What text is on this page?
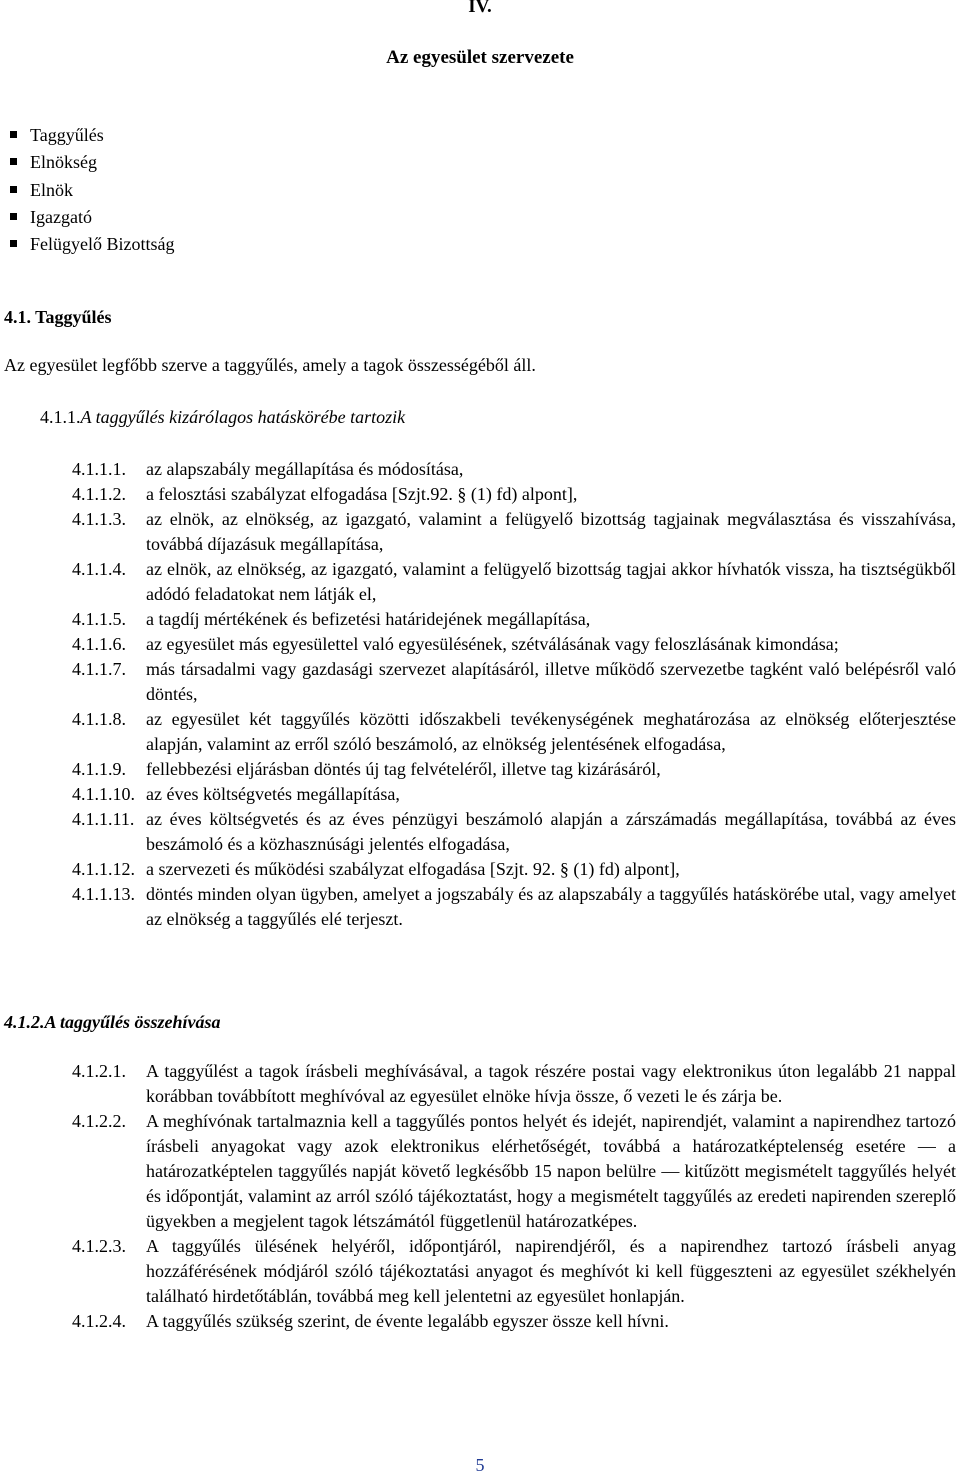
IV.
Az egyesület szervezete
Taggyűlés
Elnökség
Elnök
Igazgató
Felügyelő Bizottság
4.1. Taggyűlés
Az egyesület legfőbb szerve a taggyűlés, amely a tagok összességéből áll.
4.1.1.A taggyűlés kizárólagos hatáskörébe tartozik
4.1.1.1. az alapszabály megállapítása és módosítása,
4.1.1.2. a felosztási szabályzat elfogadása [Szjt.92. § (1) fd) alpont],
4.1.1.3. az elnök, az elnökség, az igazgató, valamint a felügyelő bizottság tagjainak megválasztása és visszahívása, továbbá díjazásuk megállapítása,
4.1.1.4. az elnök, az elnökség, az igazgató, valamint a felügyelő bizottság tagjai akkor hívhatók vissza, ha tisztségükből adódó feladatokat nem látják el,
4.1.1.5. a tagdíj mértékének és befizetési határidejének megállapítása,
4.1.1.6. az egyesület más egyesülettel való egyesülésének, szétválásának vagy feloszlásának kimondása;
4.1.1.7. más társadalmi vagy gazdasági szervezet alapításáról, illetve működő szervezetbe tagként való belépésről való döntés,
4.1.1.8. az egyesület két taggyűlés közötti időszakbeli tevékenységének meghatározása az elnökség előterjesztése alapján, valamint az erről szóló beszámoló, az elnökség jelentésének elfogadása,
4.1.1.9. fellebbezési eljárásban döntés új tag felvételéről, illetve tag kizárásáról,
4.1.1.10. az éves költségvetés megállapítása,
4.1.1.11. az éves költségvetés és az éves pénzügyi beszámoló alapján a zárszámadás megállapítása, továbbá az éves beszámoló és a közhasznúsági jelentés elfogadása,
4.1.1.12. a szervezeti és működési szabályzat elfogadása [Szjt. 92. § (1) fd) alpont],
4.1.1.13. döntés minden olyan ügyben, amelyet a jogszabály és az alapszabály a taggyűlés hatáskörébe utal, vagy amelyet az elnökség a taggyűlés elé terjeszt.
4.1.2.A taggyűlés összehívása
4.1.2.1. A taggyűlést a tagok írásbeli meghívásával, a tagok részére postai vagy elektronikus úton legalább 21 nappal korábban továbbított meghívóval az egyesület elnöke hívja össze, ő vezeti le és zárja be.
4.1.2.2. A meghívónak tartalmaznia kell a taggyűlés pontos helyét és idejét, napirendjét, valamint a napirendhez tartozó írásbeli anyagokat vagy azok elektronikus elérhetőségét, továbbá a határozatképtelenség esetére — a határozatképtelen taggyűlés napját követő legkésőbb 15 napon belülre — kitűzött megismételt taggyűlés helyét és időpontját, valamint az arról szóló tájékoztatást, hogy a megismételt taggyűlés az eredeti napirenden szereplő ügyekben a megjelent tagok létszámától függetlenül határozatképes.
4.1.2.3. A taggyűlés ülésének helyéről, időpontjáról, napirendjéről, és a napirendhez tartozó írásbeli anyag hozzáférésének módjáról szóló tájékoztatási anyagot és meghívót ki kell függeszteni az egyesület székhelyén található hirdetőtáblán, továbbá meg kell jelentetni az egyesület honlapján.
4.1.2.4. A taggyűlés szükség szerint, de évente legalább egyszer össze kell hívni.
5
